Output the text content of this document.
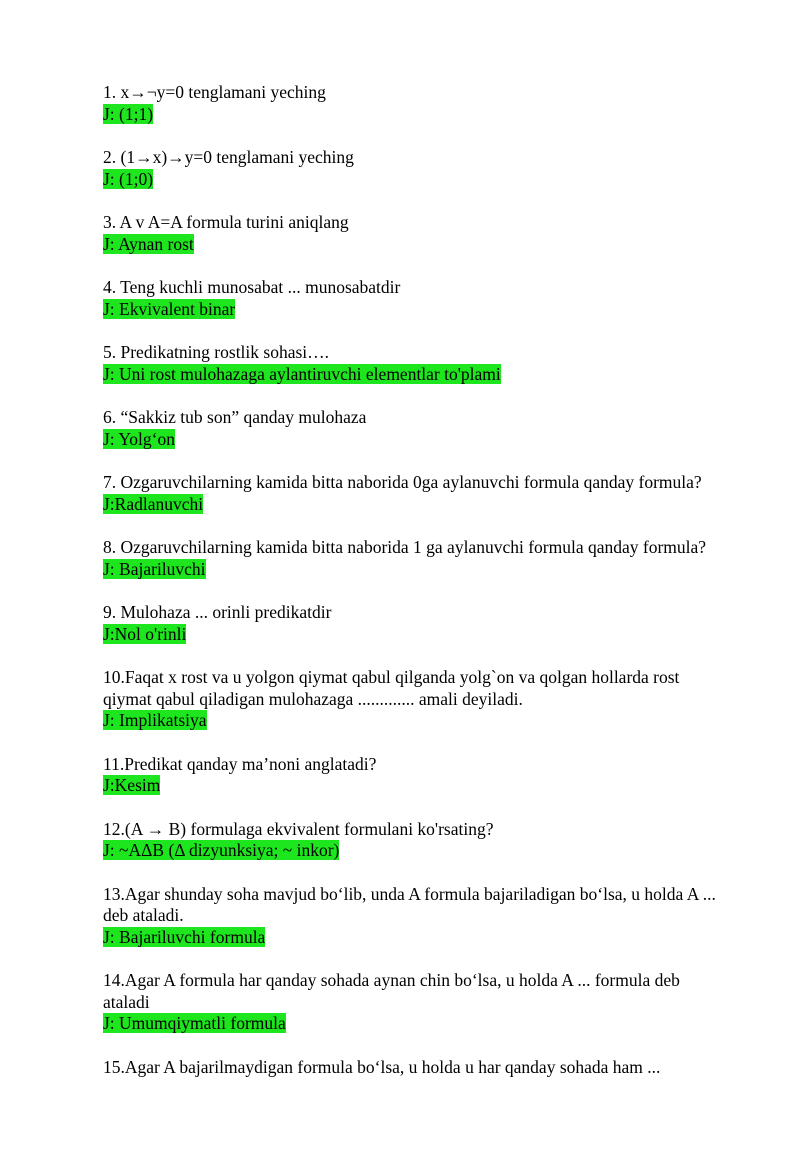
1. x→¬y=0 tenglamani yeching
J: (1;1)
2. (1→x)→y=0 tenglamani yeching
J: (1;0)
3. A v A=A formula turini aniqlang
J: Aynan rost
4. Teng kuchli munosabat ... munosabatdir
J: Ekvivalent binar
5. Predikatning rostlik sohasi….
J: Uni rost mulohazaga aylantiruvchi elementlar to'plami
6. “Sakkiz tub son” qanday mulohaza
J: Yolg‘on
7. Ozgaruvchilarning kamida bitta naborida 0ga aylanuvchi formula qanday formula?
J:Radlanuvchi
8. Ozgaruvchilarning kamida bitta naborida 1 ga aylanuvchi formula qanday formula?
J: Bajariluvchi
9. Mulohaza ... orinli predikatdir
J:Nol o'rinli
10.Faqat x rost va u yolgon qiymat qabul qilganda yolg`on va qolgan hollarda rost qiymat qabul qiladigan mulohazaga ............. amali deyiladi.
J: Implikatsiya
11.Predikat qanday ma’noni anglatadi?
J:Kesim
12.(A → B) formulaga ekvivalent formulani ko'rsating?
J: ~AΔB (Δ dizyunksiya; ~ inkor)
13.Agar shunday soha mavjud bo‘lib, unda A formula bajariladigan bo‘lsa, u holda A ... deb ataladi.
J: Bajariluvchi formula
14.Agar A formula har qanday sohada aynan chin bo‘lsa, u holda A ... formula deb ataladi
J: Umumqiymatli formula
15.Agar A bajarilmaydigan formula bo‘lsa, u holda u har qanday sohada ham ...
